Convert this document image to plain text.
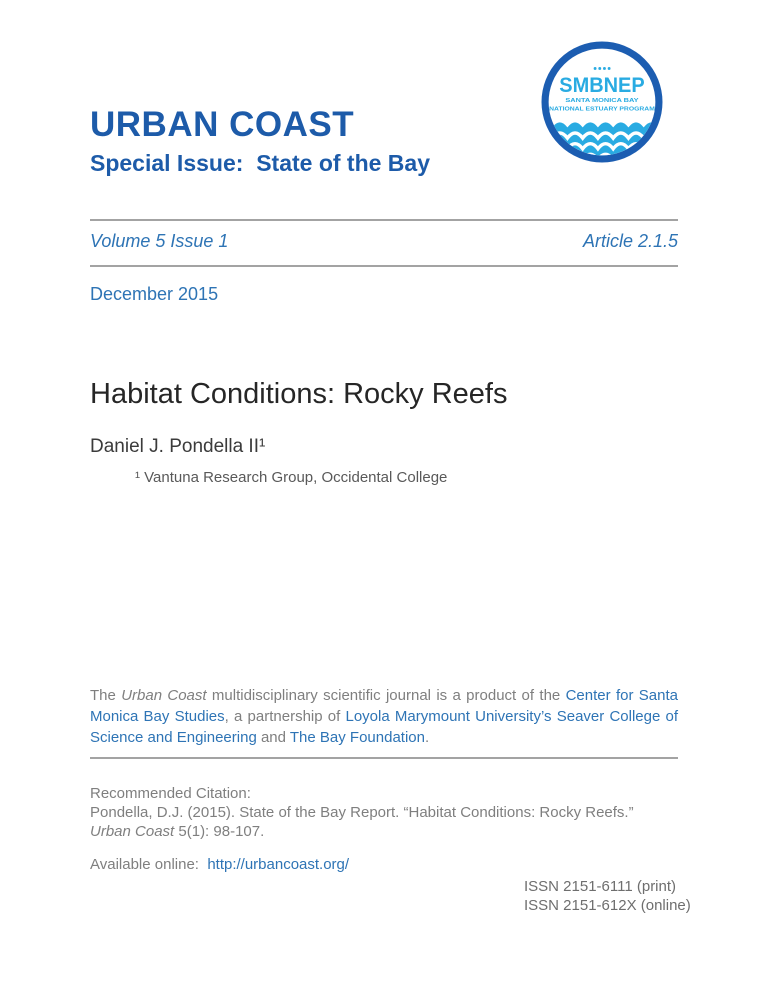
SMBNEP
SANTA MONICA BAY
NATIONAL ESTUARY PROGRAM
URBAN COAST
Special Issue:  State of the Bay
Volume 5 Issue 1	Article 2.1.5
December 2015
Habitat Conditions: Rocky Reefs
Daniel J. Pondella II¹
¹ Vantuna Research Group, Occidental College
The Urban Coast multidisciplinary scientific journal is a product of the Center for Santa Monica Bay Studies, a partnership of Loyola Marymount University’s Seaver College of Science and Engineering and The Bay Foundation.
Recommended Citation:
Pondella, D.J. (2015). State of the Bay Report. “Habitat Conditions: Rocky Reefs.” Urban Coast 5(1): 98-107.
Available online:  http://urbancoast.org/
ISSN 2151-6111 (print)
ISSN 2151-612X (online)
